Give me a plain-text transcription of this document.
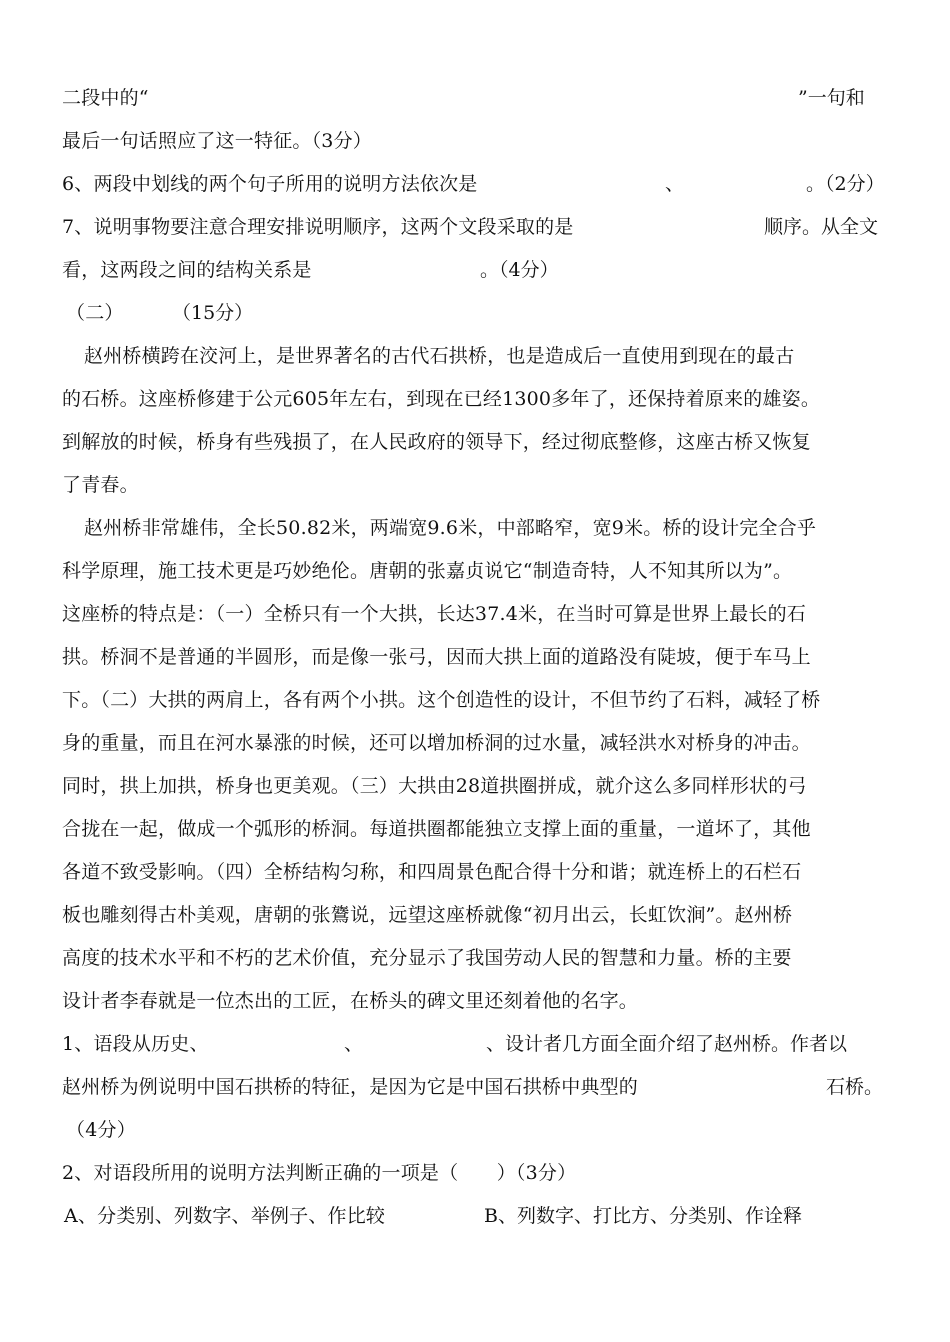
二段中的“	”一句和
最后一句话照应了这一特征。（3分）
6、两段中划线的两个句子所用的说明方法依次是	、	。（2分）
7、说明事物要注意合理安排说明顺序，这两个文段采取的是	顺序。从全文
看，这两段之间的结构关系是	。（4分）
（二）	（15分）
赵州桥横跨在洨河上，是世界著名的古代石拱桥，也是造成后一直使用到现在的最古
的石桥。这座桥修建于公元605年左右，到现在已经1300多年了，还保持着原来的雄姿。
到解放的时候，桥身有些残损了，在人民政府的领导下，经过彻底整修，这座古桥又恢复
了青春。
赵州桥非常雄伟，全长50.82米，两端宽9.6米，中部略窄，宽9米。桥的设计完全合乎
科学原理，施工技术更是巧妙绝伦。唐朝的张嘉贞说它“制造奇特，人不知其所以为”。
这座桥的特点是：（一）全桥只有一个大拱，长达37.4米，在当时可算是世界上最长的石
拱。桥洞不是普通的半圆形，而是像一张弓，因而大拱上面的道路没有陡坡，便于车马上
下。（二）大拱的两肩上，各有两个小拱。这个创造性的设计，不但节约了石料，减轻了桥
身的重量，而且在河水暴涨的时候，还可以增加桥洞的过水量，减轻洪水对桥身的冲击。
同时，拱上加拱，桥身也更美观。（三）大拱由28道拱圈拼成，就介这么多同样形状的弓
合拢在一起，做成一个弧形的桥洞。每道拱圈都能独立支撑上面的重量，一道坏了，其他
各道不致受影响。（四）全桥结构匀称，和四周景色配合得十分和谐；就连桥上的石栏石
板也雕刻得古朴美观，唐朝的张鷟说，远望这座桥就像“初月出云，长虹饮涧”。赵州桥
高度的技术水平和不朽的艺术价值，充分显示了我国劳动人民的智慧和力量。桥的主要
设计者李春就是一位杰出的工匠，在桥头的碑文里还刻着他的名字。
1、语段从历史、	、	、设计者几方面全面介绍了赵州桥。作者以
赵州桥为例说明中国石拱桥的特征，是因为它是中国石拱桥中典型的	石桥。
（4分）
2、对语段所用的说明方法判断正确的一项是（　　）（3分）
A、分类别、列数字、举例子、作比较	B、列数字、打比方、分类别、作诠释
